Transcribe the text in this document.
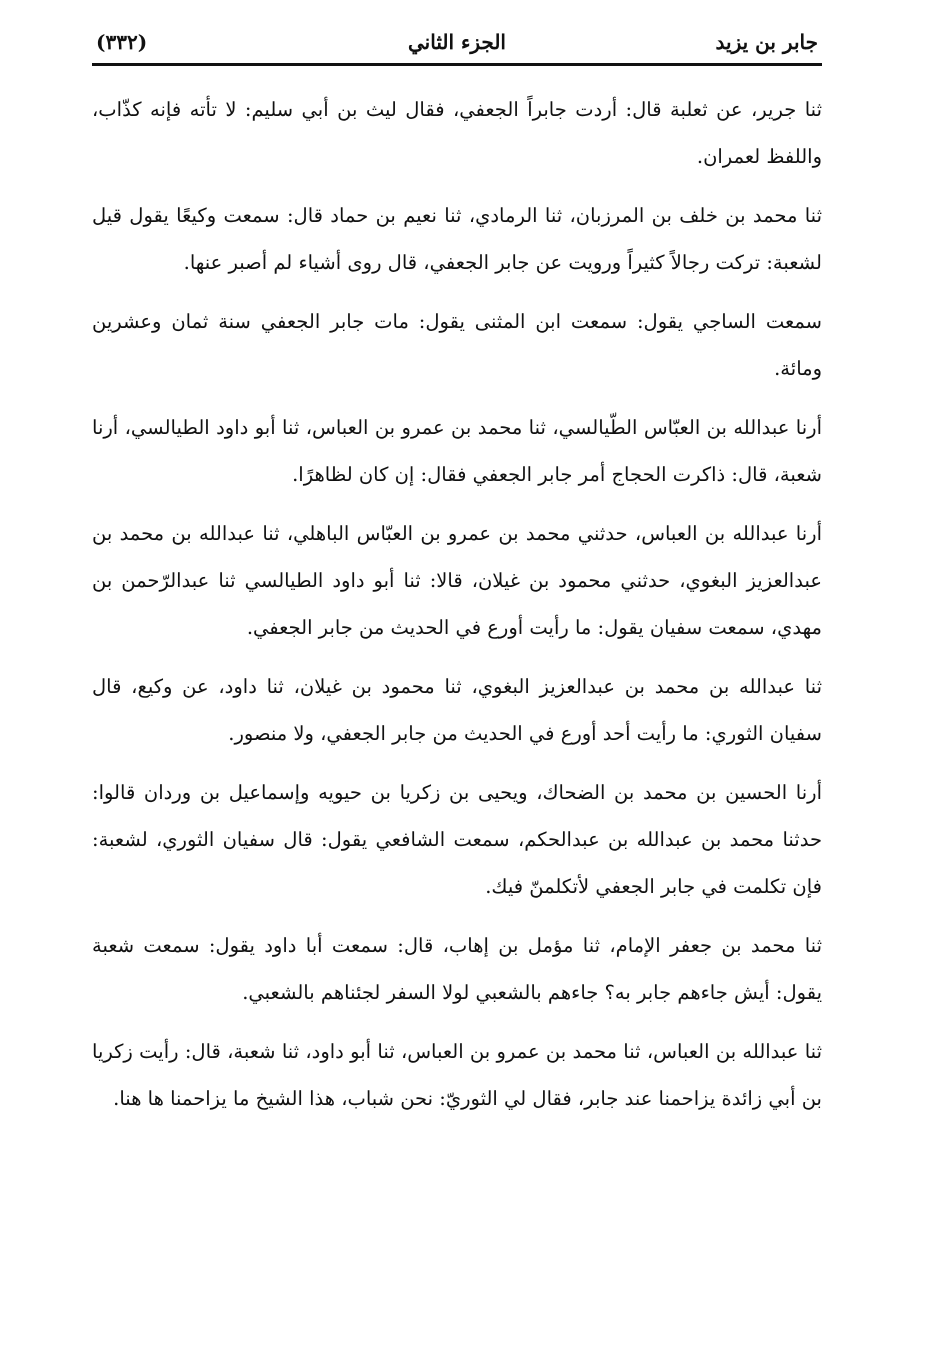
جابر بن يزيد
الجزء الثاني
(٣٣٢)

ثنا جرير، عن ثعلبة قال: أردت جابراً الجعفي، فقال ليث بن أبي سليم: لا تأته فإنه كذّاب، واللفظ لعمران.

ثنا محمد بن خلف بن المرزبان، ثنا الرمادي، ثنا نعيم بن حماد قال: سمعت وكيعًا يقول قيل لشعبة: تركت رجالاً كثيراً ورويت عن جابر الجعفي، قال روى أشياء لم أصبر عنها.

سمعت الساجي يقول: سمعت ابن المثنى يقول: مات جابر الجعفي سنة ثمان وعشرين ومائة.

أرنا عبدالله بن العبّاس الطّيالسي، ثنا محمد بن عمرو بن العباس، ثنا أبو داود الطيالسي، أرنا شعبة، قال: ذاكرت الحجاج أمر جابر الجعفي فقال: إن كان لظاهرًا.

أرنا عبدالله بن العباس، حدثني محمد بن عمرو بن العبّاس الباهلي، ثنا عبدالله بن محمد بن عبدالعزيز البغوي، حدثني محمود بن غيلان، قالا: ثنا أبو داود الطيالسي ثنا عبدالرّحمن بن مهدي، سمعت سفيان يقول: ما رأيت أورع في الحديث من جابر الجعفي.

ثنا عبدالله بن محمد بن عبدالعزيز البغوي، ثنا محمود بن غيلان، ثنا داود، عن وكيع، قال سفيان الثوري: ما رأيت أحد أورع في الحديث من جابر الجعفي، ولا منصور.

أرنا الحسين بن محمد بن الضحاك، ويحيى بن زكريا بن حيويه وإسماعيل بن وردان قالوا: حدثنا محمد بن عبدالله بن عبدالحكم، سمعت الشافعي يقول: قال سفيان الثوري، لشعبة: فإن تكلمت في جابر الجعفي لأتكلمنّ فيك.

ثنا محمد بن جعفر الإمام، ثنا مؤمل بن إهاب، قال: سمعت أبا داود يقول: سمعت شعبة يقول: أيش جاءهم جابر به؟ جاءهم بالشعبي لولا السفر لجئناهم بالشعبي.

ثنا عبدالله بن العباس، ثنا محمد بن عمرو بن العباس، ثنا أبو داود، ثنا شعبة، قال: رأيت زكريا بن أبي زائدة يزاحمنا عند جابر، فقال لي الثوريّ: نحن شباب، هذا الشيخ ما يزاحمنا ها هنا.
